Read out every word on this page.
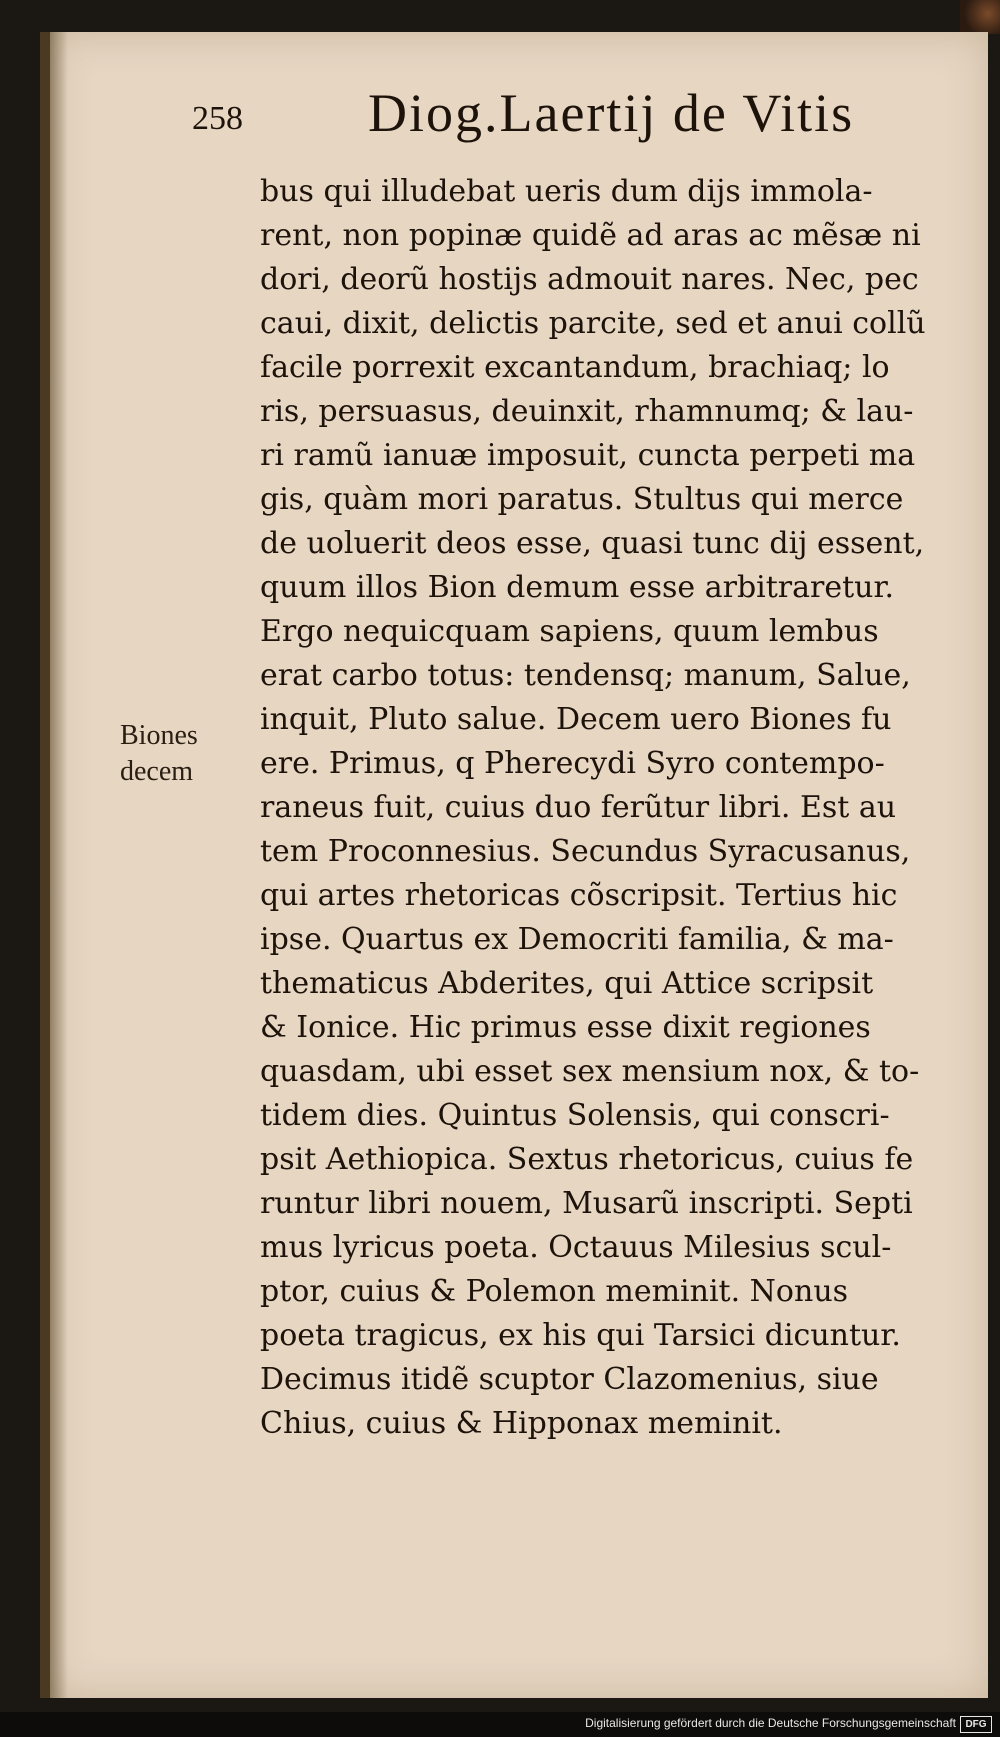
258 Diog.Laertij de Vitis
Biones
decem
bus qui illudebat ueris dum dijs immola-
rent, non popinæ quidẽ ad aras ac mẽsæ ni
dori, deorũ hostijs admouit nares. Nec, pec
caui, dixit, delictis parcite, sed et anui collũ
facile porrexit excantandum, brachiaq; lo
ris, persuasus, deuinxit, rhamnumq; & lau-
ri ramũ ianuæ imposuit, cuncta perpeti ma
gis, quàm mori paratus. Stultus qui merce
de uoluerit deos esse, quasi tunc dij essent,
quum illos Bion demum esse arbitraretur.
Ergo nequicquam sapiens, quum lembus
erat carbo totus: tendensq; manum, Salue,
inquit, Pluto salue. Decem uero Biones fu
ere. Primus, q Pherecydi Syro contempo-
raneus fuit, cuius duo ferũtur libri. Est au
tem Proconnesius. Secundus Syracusanus,
qui artes rhetoricas cõscripsit. Tertius hic
ipse. Quartus ex Democriti familia, & ma-
thematicus Abderites, qui Attice scripsit
& Ionice. Hic primus esse dixit regiones
quasdam, ubi esset sex mensium nox, & to-
tidem dies. Quintus Solensis, qui conscri-
psit Aethiopica. Sextus rhetoricus, cuius fe
runtur libri nouem, Musarũ inscripti. Septi
mus lyricus poeta. Octauus Milesius scul-
ptor, cuius & Polemon meminit. Nonus
poeta tragicus, ex his qui Tarsici dicuntur.
Decimus itidẽ scuptor Clazomenius, siue
Chius, cuius & Hipponax meminit.
Digitalisierung gefördert durch die Deutsche Forschungsgemeinschaft DFG
